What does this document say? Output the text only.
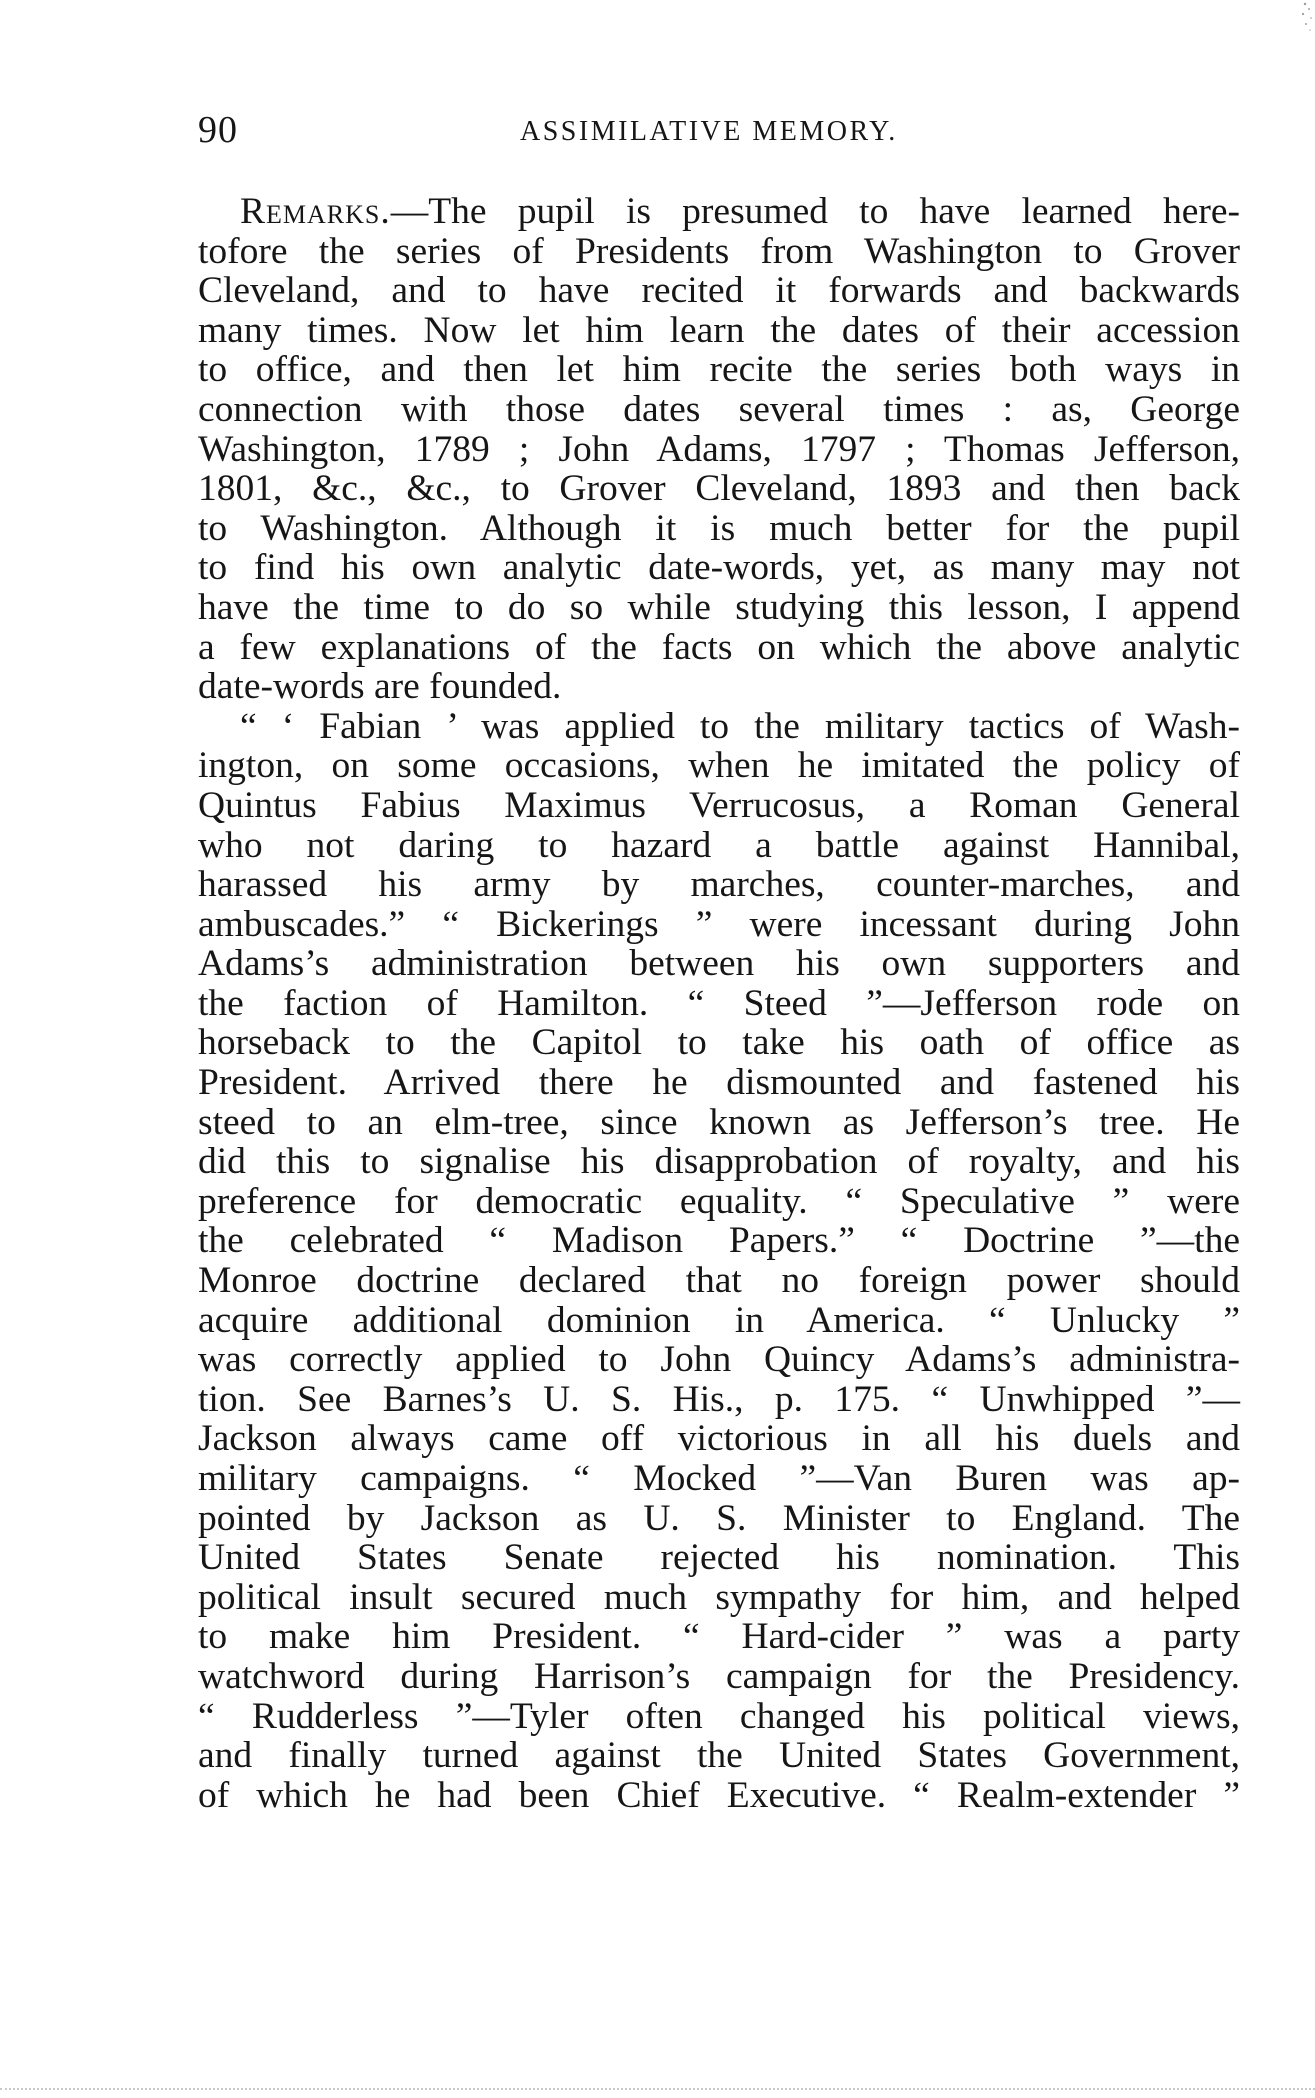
90	ASSIMILATIVE MEMORY.
Remarks.—The pupil is presumed to have learned here-
tofore the series of Presidents from Washington to Grover
Cleveland, and to have recited it forwards and backwards
many times. Now let him learn the dates of their accession
to office, and then let him recite the series both ways in
connection with those dates several times : as, George
Washington, 1789 ; John Adams, 1797 ; Thomas Jefferson,
1801, &c., &c., to Grover Cleveland, 1893 and then back
to Washington. Although it is much better for the pupil
to find his own analytic date-words, yet, as many may not
have the time to do so while studying this lesson, I append
a few explanations of the facts on which the above analytic
date-words are founded.
“ ‘ Fabian ’ was applied to the military tactics of Wash-
ington, on some occasions, when he imitated the policy of
Quintus Fabius Maximus Verrucosus, a Roman General
who not daring to hazard a battle against Hannibal,
harassed his army by marches, counter-marches, and
ambuscades.” “ Bickerings ” were incessant during John
Adams’s administration between his own supporters and
the faction of Hamilton. “ Steed ”—Jefferson rode on
horseback to the Capitol to take his oath of office as
President. Arrived there he dismounted and fastened his
steed to an elm-tree, since known as Jefferson’s tree. He
did this to signalise his disapprobation of royalty, and his
preference for democratic equality. “ Speculative ” were
the celebrated “ Madison Papers.” “ Doctrine ”—the
Monroe doctrine declared that no foreign power should
acquire additional dominion in America. “ Unlucky ”
was correctly applied to John Quincy Adams’s administra-
tion. See Barnes’s U. S. His., p. 175. “ Unwhipped ”—
Jackson always came off victorious in all his duels and
military campaigns. “ Mocked ”—Van Buren was ap-
pointed by Jackson as U. S. Minister to England. The
United States Senate rejected his nomination. This
political insult secured much sympathy for him, and helped
to make him President. “ Hard-cider ” was a party
watchword during Harrison’s campaign for the Presidency.
“ Rudderless ”—Tyler often changed his political views,
and finally turned against the United States Government,
of which he had been Chief Executive. “ Realm-extender ”
